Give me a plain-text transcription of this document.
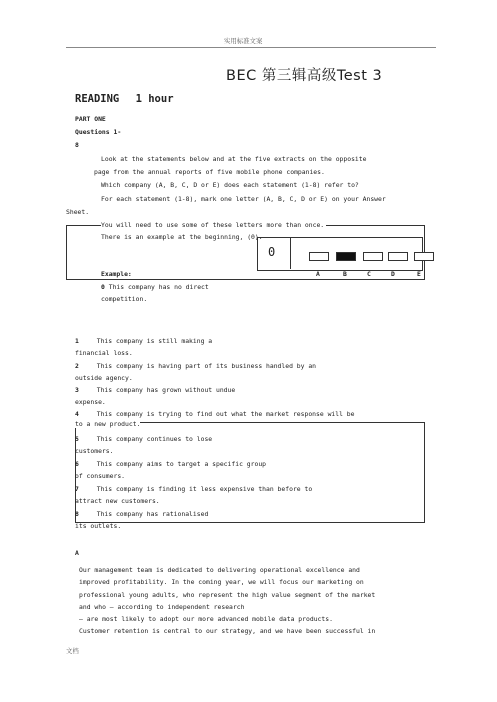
实用标准文案
BEC 第三辑高级Test 3
READING 1 hour
PART ONE
Questions 1-
8
Look at the statements below and at the five extracts on the opposite
page from the annual reports of five mobile phone companies.
Which company (A, B, C, D or E) does each statement (1-8) refer to?
For each statement (1-8), mark one letter (A, B, C, D or E) on your Answer
Sheet.
You will need to use some of these letters more than once.
There is an example at the beginning, (0).
0
Example:	A	B	C	D	E
0 This company has no direct
competition.
1	This company is still making a
financial loss.
2	This company is having part of its business handled by an
outside agency.
3	This company has grown without undue
expense.
4	This company is trying to find out what the market response will be
to a new product.
5	This company continues to lose
customers.
6	This company aims to target a specific group
of consumers.
7	This company is finding it less expensive than before to
attract new customers.
8	This company has rationalised
its outlets.
A
Our management team is dedicated to delivering operational excellence and
improved profitability. In the coming year, we will focus our marketing on
professional young adults, who represent the high value segment of the market
and who — according to independent research
— are most likely to adopt our more advanced mobile data products.
Customer retention is central to our strategy, and we have been successful in
文档
